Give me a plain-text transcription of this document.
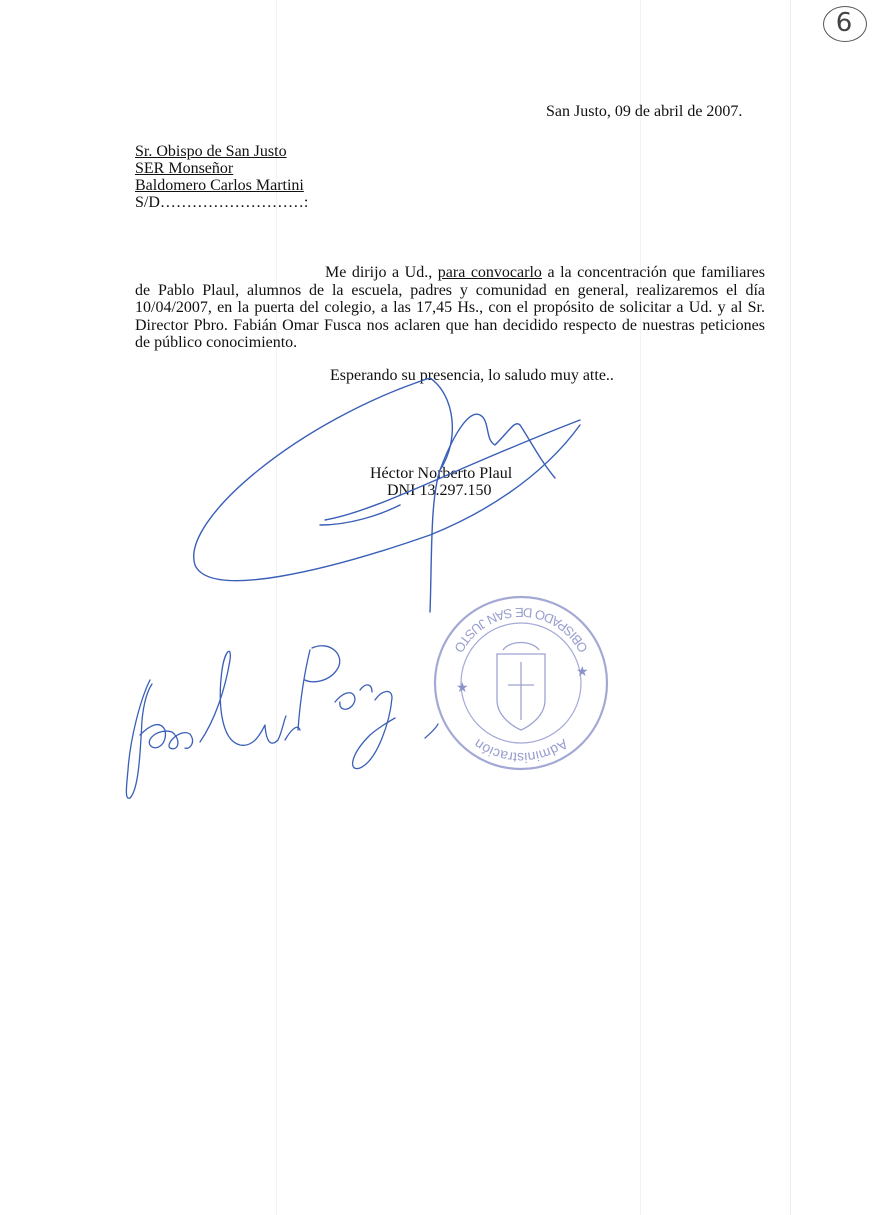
6
San Justo, 09 de abril de 2007.
Sr. Obispo de San Justo
SER Monseñor
Baldomero Carlos Martini
S/D………………………:
Me dirijo a Ud., para convocarlo a la concentración que familiares de Pablo Plaul, alumnos de la escuela, padres y comunidad en general, realizaremos el día 10/04/2007, en la puerta del colegio, a las 17,45 Hs., con el propósito de solicitar a Ud. y al Sr. Director Pbro. Fabián Omar Fusca nos aclaren que han decidido respecto de nuestras peticiones de público conocimiento.
Esperando su presencia, lo saludo muy atte..
Héctor Norberto Plaul
DNI 13.297.150
Administración
OBISPADO DE SAN JUSTO
★
★
